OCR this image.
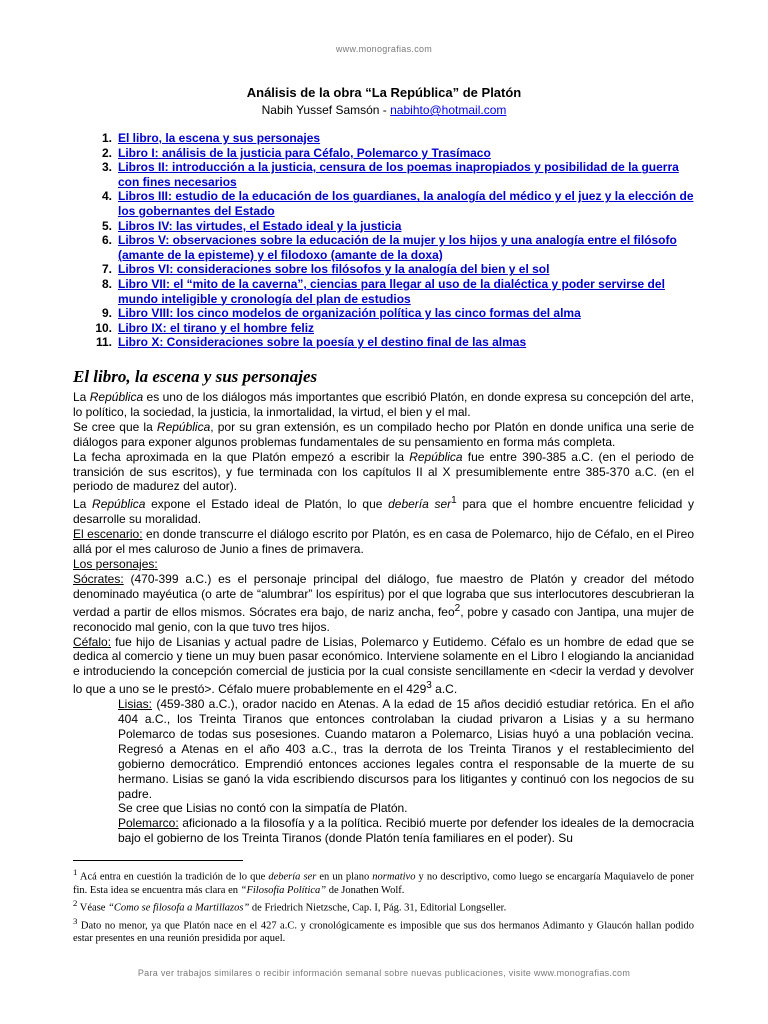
www.monografias.com
Análisis de la obra “La República” de Platón
Nabih Yussef Samsón - nabihto@hotmail.com
1. El libro, la escena y sus personajes
2. Libro I: análisis de la justicia para Céfalo, Polemarco y Trasímaco
3. Libros II: introducción a la justicia, censura de los poemas inapropiados y posibilidad de la guerra con fines necesarios
4. Libros III: estudio de la educación de los guardianes, la analogía del médico y el juez y la elección de los gobernantes del Estado
5. Libros IV: las virtudes, el Estado ideal y la justicia
6. Libros V: observaciones sobre la educación de la mujer y los hijos y una analogía entre el filósofo (amante de la episteme) y el filodoxo (amante de la doxa)
7. Libros VI: consideraciones sobre los filósofos y la analogía del bien y el sol
8. Libro VII: el “mito de la caverna”, ciencias para llegar al uso de la dialéctica y poder servirse del mundo inteligible y cronología del plan de estudios
9. Libro VIII: los cinco modelos de organización política y las cinco formas del alma
10. Libro IX: el tirano y el hombre feliz
11. Libro X: Consideraciones sobre la poesía y el destino final de las almas
El libro, la escena y sus personajes

La República es uno de los diálogos más importantes que escribió Platón, en donde expresa su concepción del arte, lo político, la sociedad, la justicia, la inmortalidad, la virtud, el bien y el mal.

Se cree que la República, por su gran extensión, es un compilado hecho por Platón en donde unifica una serie de diálogos para exponer algunos problemas fundamentales de su pensamiento en forma más completa.

La fecha aproximada en la que Platón empezó a escribir la República fue entre 390-385 a.C. (en el periodo de transición de sus escritos), y fue terminada con los capítulos II al X presumiblemente entre 385-370 a.C. (en el periodo de madurez del autor).

La República expone el Estado ideal de Platón, lo que debería ser$^1$ para que el hombre encuentre felicidad y desarrolle su moralidad.

El escenario: en donde transcurre el diálogo escrito por Platón, es en casa de Polemarco, hijo de Céfalo, en el Pireo allá por el mes caluroso de Junio a fines de primavera.

Los personajes:

Sócrates: (470-399 a.C.) es el personaje principal del diálogo, fue maestro de Platón y creador del método denominado mayéutica (o arte de “alumbrar” los espíritus) por el que lograba que sus interlocutores descubrieran la verdad a partir de ellos mismos. Sócrates era bajo, de nariz ancha, feo$^2$, pobre y casado con Jantipa, una mujer de reconocido mal genio, con la que tuvo tres hijos.

Céfalo: fue hijo de Lisanias y actual padre de Lisias, Polemarco y Eutidemo. Céfalo es un hombre de edad que se dedica al comercio y tiene un muy buen pasar económico. Interviene solamente en el Libro I elogiando la ancianidad e introduciendo la concepción comercial de justicia por la cual consiste sencillamente en <decir la verdad y devolver lo que a uno se le prestó>. Céfalo muere probablemente en el $429^3$ a.C.

Lisias: (459-380 a.C.), orador nacido en Atenas. A la edad de 15 años decidió estudiar retórica. En el año 404 a.C., los Treinta Tiranos que entonces controlaban la ciudad privaron a Lisias y a su hermano Polemarco de todas sus posesiones. Cuando mataron a Polemarco, Lisias huyó a una población vecina. Regresó a Atenas en el año 403 a.C., tras la derrota de los Treinta Tiranos y el restablecimiento del gobierno democrático. Emprendió entonces acciones legales contra el responsable de la muerte de su hermano. Lisias se ganó la vida escribiendo discursos para los litigantes y continuó con los negocios de su padre.

Se cree que Lisias no contó con la simpatía de Platón.

Polemarco: aficionado a la filosofía y a la política. Recibió muerte por defender los ideales de la democracia bajo el gobierno de los Treinta Tiranos (donde Platón tenía familiares en el poder). Su

$^1$ Acá entra en cuestión la tradición de lo que debería ser en un plano normativo y no descriptivo, como luego se encargaría Maquiavelo de poner fin. Esta idea se encuentra más clara en “Filosofía Política” de Jonathen Wolf.

$^2$ Véase “Como se filosofa a Martillazos” de Friedrich Nietzsche, Cap. I, Pág. 31, Editorial Longseller.

$^3$ Dato no menor, ya que Platón nace en el 427 a.C. y cronológicamente es imposible que sus dos hermanos Adimanto y Glaucón hallan podido estar presentes en una reunión presidida por aquel.

Para ver trabajos similares o recibir información semanal sobre nuevas publicaciones, visite www.monografias.com
